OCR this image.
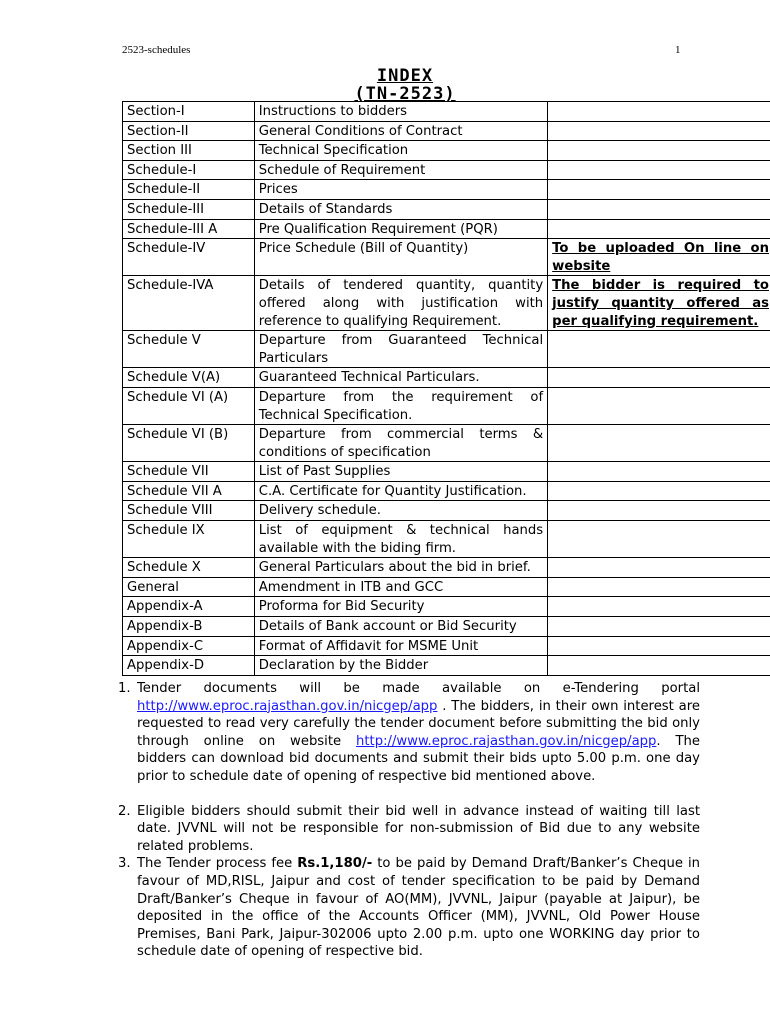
2523-schedules	1
INDEX
(TN-2523)
Section-I	Instructions to bidders	
Section-II	General Conditions of Contract	
Section III	Technical Specification	
Schedule-I	Schedule of Requirement	
Schedule-II	Prices	
Schedule-III	Details of Standards	
Schedule-III A	Pre Qualification Requirement (PQR)	
Schedule-IV	Price Schedule (Bill of Quantity)	To be uploaded On line on website
Schedule-IVA	Details of tendered quantity, quantity offered along with justification with reference to qualifying Requirement.	The bidder is required to justify quantity offered as per qualifying requirement.
Schedule V	Departure from Guaranteed Technical Particulars	
Schedule V(A)	Guaranteed Technical Particulars.	
Schedule VI (A)	Departure from the requirement of Technical Specification.	
Schedule VI (B)	Departure from commercial terms & conditions of specification	
Schedule VII	List of Past Supplies	
Schedule VII A	C.A. Certificate for Quantity Justification.	
Schedule VIII	Delivery schedule.	
Schedule IX	List of equipment & technical hands available with the biding firm.	
Schedule X	General Particulars about the bid in brief.	
General	Amendment in ITB and GCC	
Appendix-A	Proforma for Bid Security	
Appendix-B	Details of Bank account or Bid Security	
Appendix-C	Format of Affidavit for MSME Unit	
Appendix-D	Declaration by the Bidder	
1. Tender documents will be made available on e-Tendering portal
http://www.eproc.rajasthan.gov.in/nicgep/app . The bidders, in their own interest are requested to read very carefully the tender document before submitting the bid only through online on website http://www.eproc.rajasthan.gov.in/nicgep/app. The bidders can download bid documents and submit their bids upto 5.00 p.m. one day prior to schedule date of opening of respective bid mentioned above.
2. Eligible bidders should submit their bid well in advance instead of waiting till last date. JVVNL will not be responsible for non-submission of Bid due to any website related problems.
3. The Tender process fee Rs.1,180/- to be paid by Demand Draft/Banker’s Cheque in favour of MD,RISL, Jaipur and cost of tender specification to be paid by Demand Draft/Banker’s Cheque in favour of AO(MM), JVVNL, Jaipur (payable at Jaipur), be deposited in the office of the Accounts Officer (MM), JVVNL, Old Power House Premises, Bani Park, Jaipur-302006 upto 2.00 p.m. upto one WORKING day prior to schedule date of opening of respective bid.
